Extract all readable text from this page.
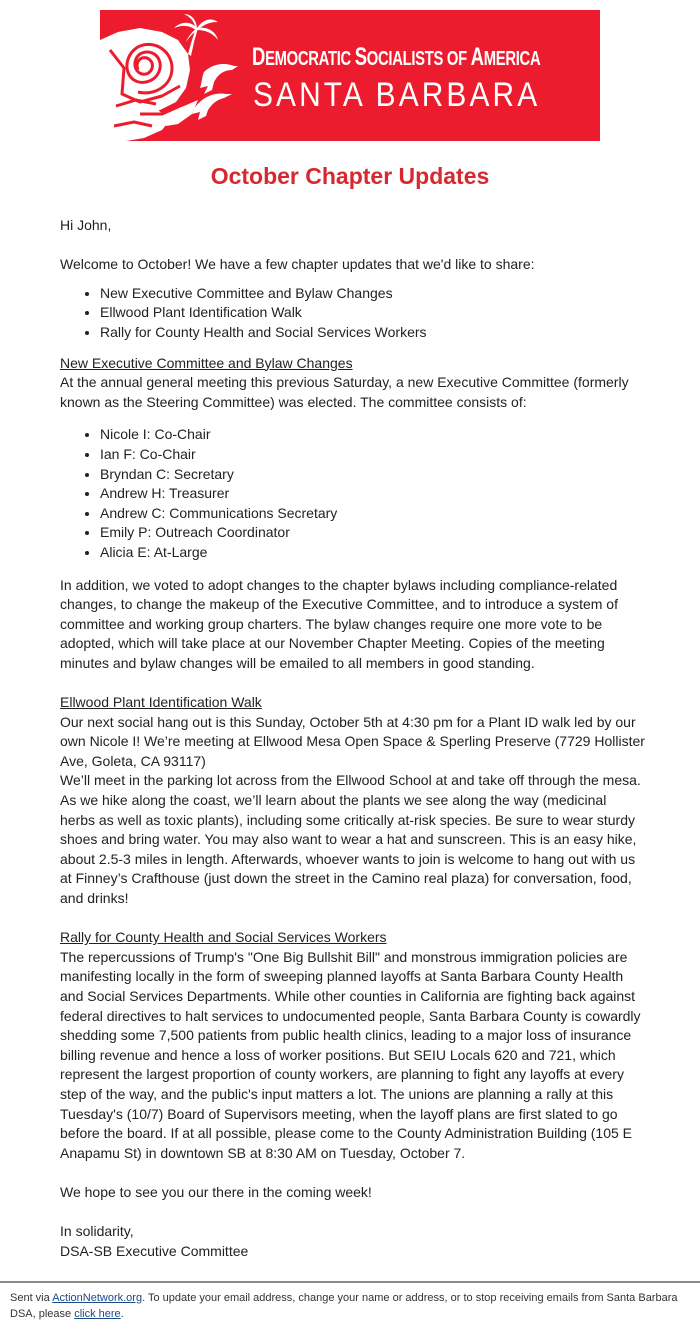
DEMOCRATIC SOCIALISTS OF AMERICA
SANTA BARBARA
October Chapter Updates

Hi John,

Welcome to October! We have a few chapter updates that we'd like to share:

• New Executive Committee and Bylaw Changes
• Ellwood Plant Identification Walk
• Rally for County Health and Social Services Workers

New Executive Committee and Bylaw Changes

At the annual general meeting this previous Saturday, a new Executive Committee (formerly known as the Steering Committee) was elected. The committee consists of:

• Nicole I: Co-Chair
• Ian F: Co-Chair
• Bryndan C: Secretary
• Andrew H: Treasurer
• Andrew C: Communications Secretary
• Emily P: Outreach Coordinator
• Alicia E: At-Large

In addition, we voted to adopt changes to the chapter bylaws including compliance-related changes, to change the makeup of the Executive Committee, and to introduce a system of committee and working group charters. The bylaw changes require one more vote to be adopted, which will take place at our November Chapter Meeting. Copies of the meeting minutes and bylaw changes will be emailed to all members in good standing.

Ellwood Plant Identification Walk

Our next social hang out is this Sunday, October 5th at 4:30 pm for a Plant ID walk led by our own Nicole I! We’re meeting at Ellwood Mesa Open Space & Sperling Preserve (7729 Hollister Ave, Goleta, CA 93117)

We’ll meet in the parking lot across from the Ellwood School at and take off through the mesa. As we hike along the coast, we’ll learn about the plants we see along the way (medicinal herbs as well as toxic plants), including some critically at-risk species. Be sure to wear sturdy shoes and bring water. You may also want to wear a hat and sunscreen. This is an easy hike, about 2.5-3 miles in length. Afterwards, whoever wants to join is welcome to hang out with us at Finney’s Crafthouse (just down the street in the Camino real plaza) for conversation, food, and drinks!

Rally for County Health and Social Services Workers

The repercussions of Trump's "One Big Bullshit Bill" and monstrous immigration policies are manifesting locally in the form of sweeping planned layoffs at Santa Barbara County Health and Social Services Departments. While other counties in California are fighting back against federal directives to halt services to undocumented people, Santa Barbara County is cowardly shedding some 7,500 patients from public health clinics, leading to a major loss of insurance billing revenue and hence a loss of worker positions. But SEIU Locals 620 and 721, which represent the largest proportion of county workers, are planning to fight any layoffs at every step of the way, and the public's input matters a lot. The unions are planning a rally at this Tuesday's (10/7) Board of Supervisors meeting, when the layoff plans are first slated to go before the board. If at all possible, please come to the County Administration Building (105 E Anapamu St) in downtown SB at 8:30 AM on Tuesday, October 7.

We hope to see you our there in the coming week!

In solidarity,

DSA-SB Executive Committee

Sent via ActionNetwork.org. To update your email address, change your name or address, or to stop receiving emails from Santa Barbara DSA, please click here.
